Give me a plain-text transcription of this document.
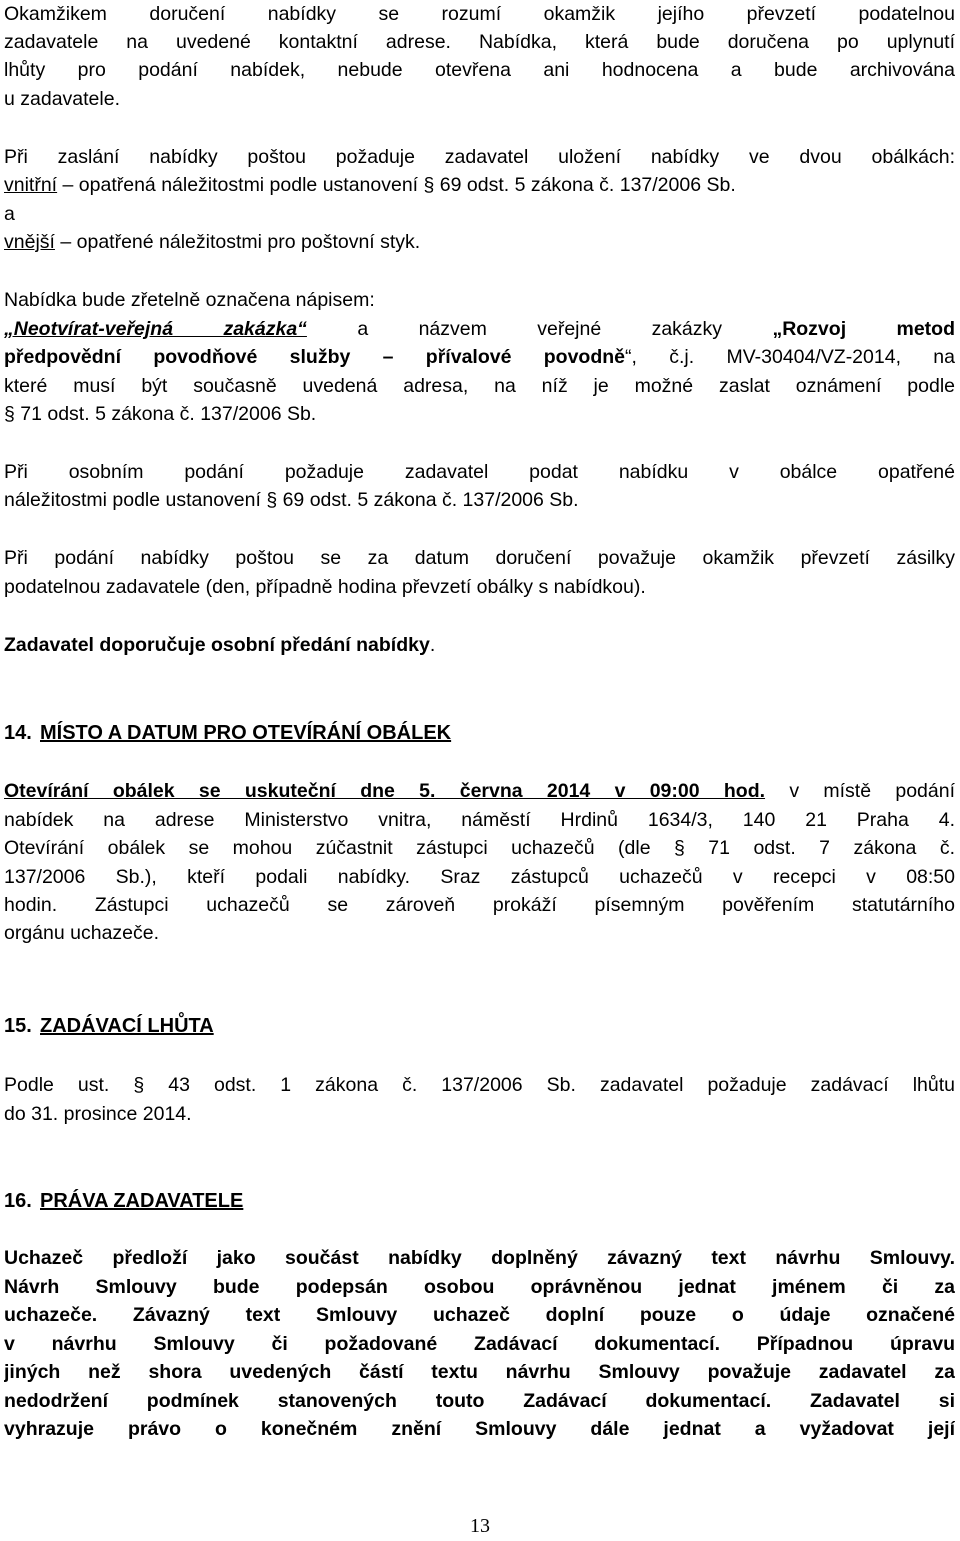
Okamžikem doručení nabídky se rozumí okamžik jejího převzetí podatelnou
zadavatele na uvedené kontaktní adrese. Nabídka, která bude doručena po uplynutí
lhůty pro podání nabídek, nebude otevřena ani hodnocena a bude archivována
u zadavatele.
Při zaslání nabídky poštou požaduje zadavatel uložení nabídky ve dvou obálkách:
vnitřní – opatřená náležitostmi podle ustanovení § 69 odst. 5 zákona č. 137/2006 Sb.
a
vnější – opatřené náležitostmi pro poštovní styk.
Nabídka bude zřetelně označena nápisem:
„Neotvírat-veřejná zakázka“ a názvem veřejné zakázky „Rozvoj metod
předpovědní povodňové služby – přívalové povodně“, č.j. MV-30404/VZ-2014, na
které musí být současně uvedená adresa, na níž je možné zaslat oznámení podle
§ 71 odst. 5 zákona č. 137/2006 Sb.
Při osobním podání požaduje zadavatel podat nabídku v obálce opatřené
náležitostmi podle ustanovení § 69 odst. 5 zákona č. 137/2006 Sb.
Při podání nabídky poštou se za datum doručení považuje okamžik převzetí zásilky
podatelnou zadavatele (den, případně hodina převzetí obálky s nabídkou).
Zadavatel doporučuje osobní předání nabídky.
14. MÍSTO A DATUM PRO OTEVÍRÁNÍ OBÁLEK
Otevírání obálek se uskuteční dne 5. června 2014 v 09:00 hod. v místě podání
nabídek na adrese Ministerstvo vnitra, náměstí Hrdinů 1634/3, 140 21 Praha 4.
Otevírání obálek se mohou zúčastnit zástupci uchazečů (dle § 71 odst. 7 zákona č.
137/2006 Sb.), kteří podali nabídky. Sraz zástupců uchazečů v recepci v 08:50
hodin. Zástupci uchazečů se zároveň prokáží písemným pověřením statutárního
orgánu uchazeče.
15. ZADÁVACÍ LHŮTA
Podle ust. § 43 odst. 1 zákona č. 137/2006 Sb. zadavatel požaduje zadávací lhůtu
do 31. prosince 2014.
16. PRÁVA ZADAVATELE
Uchazeč předloží jako součást nabídky doplněný závazný text návrhu Smlouvy.
Návrh Smlouvy bude podepsán osobou oprávněnou jednat jménem či za
uchazeče. Závazný text Smlouvy uchazeč doplní pouze o údaje označené
v návrhu Smlouvy či požadované Zadávací dokumentací. Případnou úpravu
jiných než shora uvedených částí textu návrhu Smlouvy považuje zadavatel za
nedodržení podmínek stanovených touto Zadávací dokumentací. Zadavatel si
vyhrazuje právo o konečném znění Smlouvy dále jednat a vyžadovat její
13
